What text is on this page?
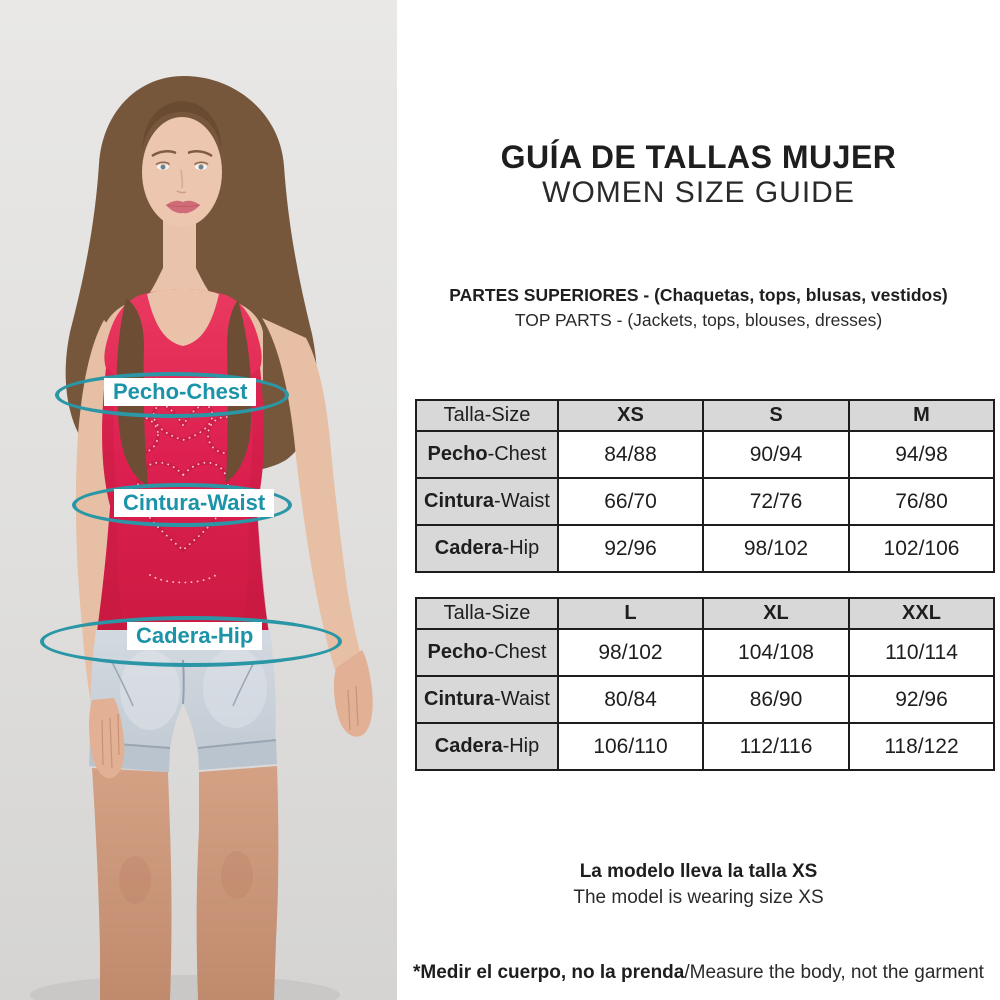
Pecho-Chest
Cintura-Waist
Cadera-Hip
GUÍA DE TALLAS MUJER
WOMEN SIZE GUIDE
PARTES SUPERIORES - (Chaquetas, tops, blusas, vestidos)
TOP PARTS - (Jackets, tops, blouses, dresses)
Talla-Size	XS	S	M
Pecho-Chest	84/88	90/94	94/98
Cintura-Waist	66/70	72/76	76/80
Cadera-Hip	92/96	98/102	102/106
Talla-Size	L	XL	XXL
Pecho-Chest	98/102	104/108	110/114
Cintura-Waist	80/84	86/90	92/96
Cadera-Hip	106/110	112/116	118/122
La modelo lleva la talla XS
The model is wearing size XS
*Medir el cuerpo, no la prenda/Measure the body, not the garment
